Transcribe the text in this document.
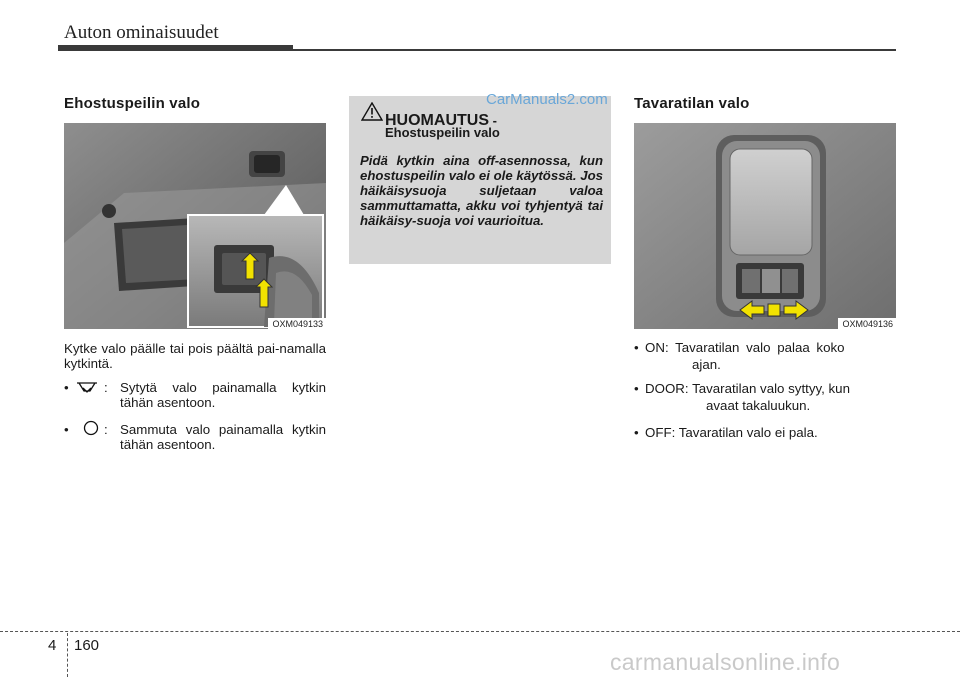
Auton ominaisuudet
Ehostuspeilin valo
OXM049133
Kytke valo päälle tai pois päältä pai-namalla kytkintä.
•	: Sytytä valo painamalla kytkin tähän asentoon.
•	: Sammuta valo painamalla kytkin tähän asentoon.
HUOMAUTUS -
Ehostuspeilin valo
Pidä kytkin aina off-asennossa, kun ehostuspeilin valo ei ole käytössä. Jos häikäisysuoja suljetaan valoa sammuttamatta, akku voi tyhjentyä tai häikäisy-suoja voi vaurioitua.
CarManuals2.com Tavaratilan valo
OXM049136
• ON: Tavaratilan valo palaa koko
ajan.
• DOOR: Tavaratilan valo syttyy, kun
avaat takaluukun.
• OFF: Tavaratilan valo ei pala.
4 160
carmanualsonline.info
